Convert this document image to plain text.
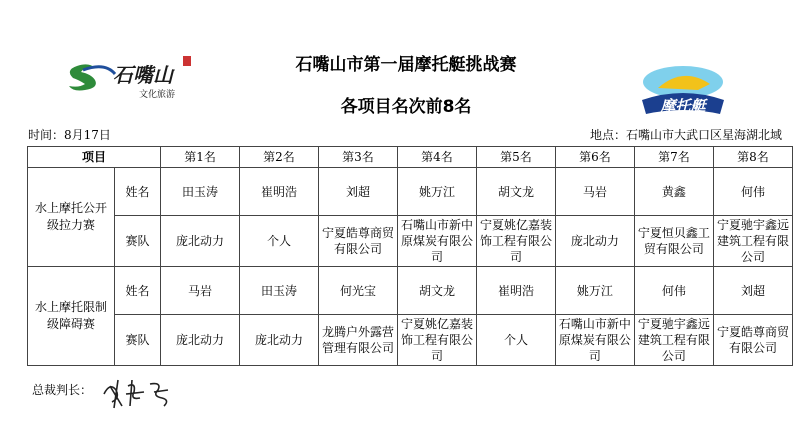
石嘴山
文化旅游
石嘴山市第一届摩托艇挑战赛
各项目名次前8名	摩托艇
时间：8月17日	地点：石嘴山市大武口区星海湖北域
项目		第1名	第2名	第3名	第4名	第5名	第6名	第7名	第8名
水上摩托公开级拉力赛	姓名	田玉涛	崔明浩	刘超	姚万江	胡文龙	马岩	黄鑫	何伟
	赛队	庞北动力	个人	宁夏皓尊商贸有限公司	石嘴山市新中原煤炭有限公司	宁夏姚亿嘉装饰工程有限公司	庞北动力	宁夏恒贝鑫工贸有限公司	宁夏驰宇鑫远建筑工程有限公司
水上摩托限制级障碍赛	姓名	马岩	田玉涛	何光宝	胡文龙	崔明浩	姚万江	何伟	刘超
	赛队	庞北动力	庞北动力	龙腾户外露营管理有限公司	宁夏姚亿嘉装饰工程有限公司	个人	石嘴山市新中原煤炭有限公司	宁夏驰宇鑫远建筑工程有限公司	宁夏皓尊商贸有限公司
总裁判长：
